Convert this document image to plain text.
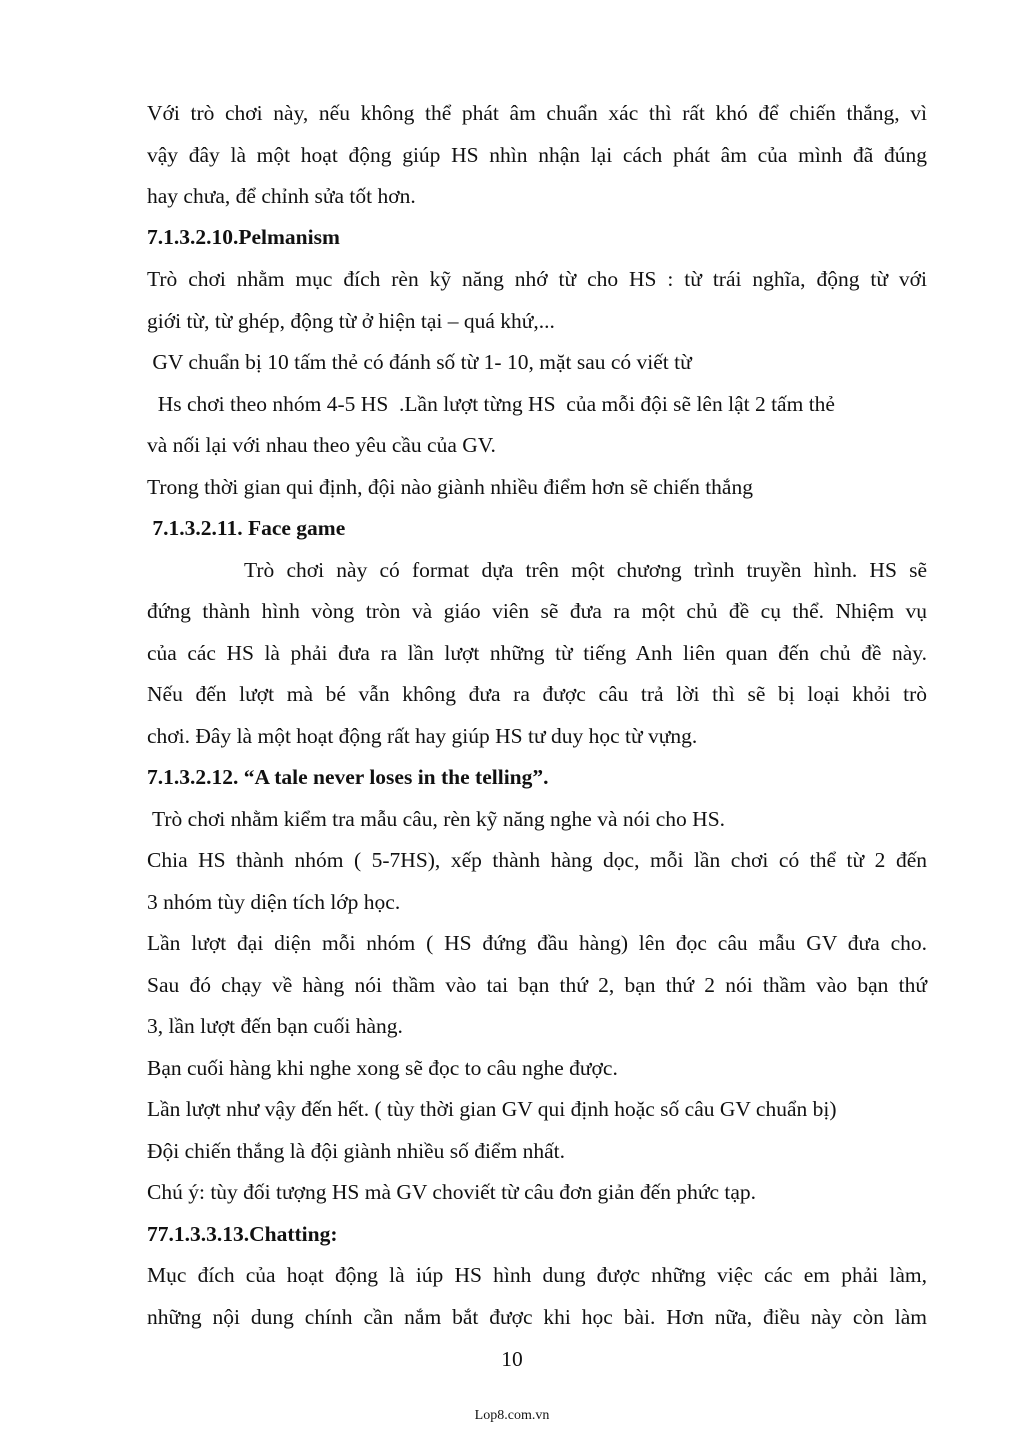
Với trò chơi này, nếu không thể phát âm chuẩn xác thì rất khó để chiến thắng, vì
vậy đây là một hoạt động giúp HS nhìn nhận lại cách phát âm của mình đã đúng
hay chưa, để chỉnh sửa tốt hơn.
7.1.3.2.10.Pelmanism
Trò chơi nhằm mục đích rèn kỹ năng nhớ từ cho HS : từ trái nghĩa, động từ với
giới từ, từ ghép, động từ ở hiện tại – quá khứ,...
GV chuẩn bị 10 tấm thẻ có đánh số từ 1- 10, mặt sau có viết từ
Hs chơi theo nhóm 4-5 HS  .Lần lượt từng HS  của mỗi đội sẽ lên lật 2 tấm thẻ
và nối lại với nhau theo yêu cầu của GV.
Trong thời gian qui định, đội nào giành nhiều điểm hơn sẽ chiến thắng
7.1.3.2.11. Face game
Trò chơi này có format dựa trên một chương trình truyền hình. HS sẽ
đứng thành hình vòng tròn và giáo viên sẽ đưa ra một chủ đề cụ thể. Nhiệm vụ
của các HS là phải đưa ra lần lượt những từ tiếng Anh liên quan đến chủ đề này.
Nếu đến lượt mà bé vẫn không đưa ra được câu trả lời thì sẽ bị loại khỏi trò
chơi. Đây là một hoạt động rất hay giúp HS tư duy học từ vựng.
7.1.3.2.12. “A tale never loses in the telling”.
Trò chơi nhằm kiểm tra mẫu câu, rèn kỹ năng nghe và nói cho HS.
Chia HS thành nhóm ( 5-7HS), xếp thành hàng dọc, mỗi lần chơi có thể từ 2 đến
3 nhóm tùy diện tích lớp học.
Lần lượt đại diện mỗi nhóm ( HS đứng đầu hàng) lên đọc câu mẫu GV đưa cho.
Sau đó chạy về hàng nói thầm vào tai bạn thứ 2, bạn thứ 2 nói thầm vào bạn thứ
3, lần lượt đến bạn cuối hàng.
Bạn cuối hàng khi nghe xong sẽ đọc to câu nghe được.
Lần lượt như vậy đến hết. ( tùy thời gian GV qui định hoặc số câu GV chuẩn bị)
Đội chiến thắng là đội giành nhiều số điểm nhất.
Chú ý: tùy đối tượng HS mà GV choviết từ câu đơn giản đến phức tạp.
77.1.3.3.13.Chatting:
Mục đích của hoạt động là iúp HS hình dung được những việc các em phải làm,
những nội dung chính cần nắm bắt được khi học bài. Hơn nữa, điều này còn làm
10
Lop8.com.vn
